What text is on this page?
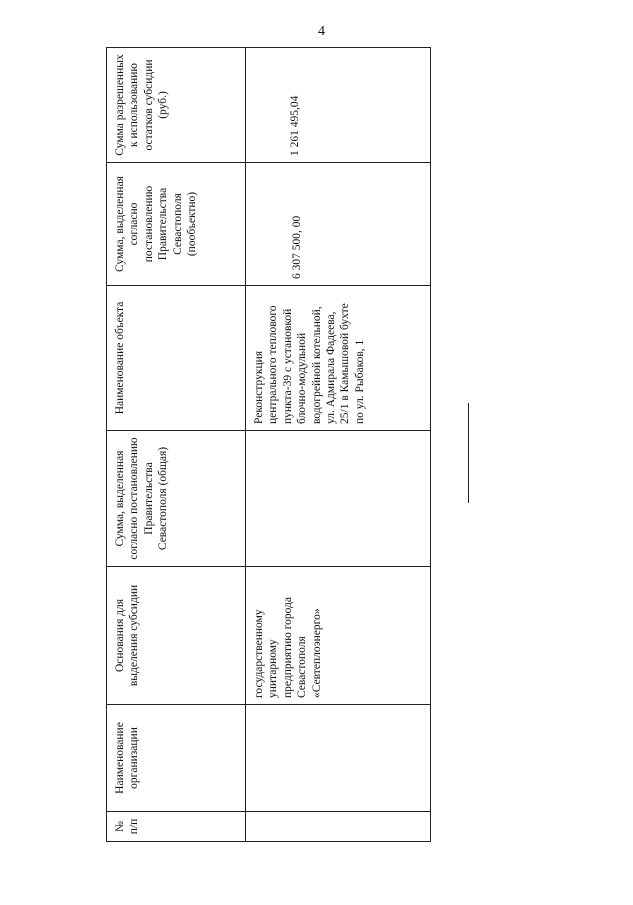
4
№ п/п	Наименование организации	Основания для выделения субсидии	Сумма, выделенная согласно постановлению Правительства Севастополя (общая)	Наименование объекта	Сумма, выделенная согласно постановлению Правительства Севастополя (пообъектно)	Сумма разрешенных к использованию остатков субсидии (руб.)
		государственному унитарному предприятию города Севастополя «Севтеплоэнерго»		Реконструкция центрального теплового пункта-39 с установкой блочно-модульной водогрейной котельной, ул. Адмирала Фадеева, 25/1 в Камышовой бухте по ул. Рыбаков, 1	6 307 500, 00	1 261 495,04
